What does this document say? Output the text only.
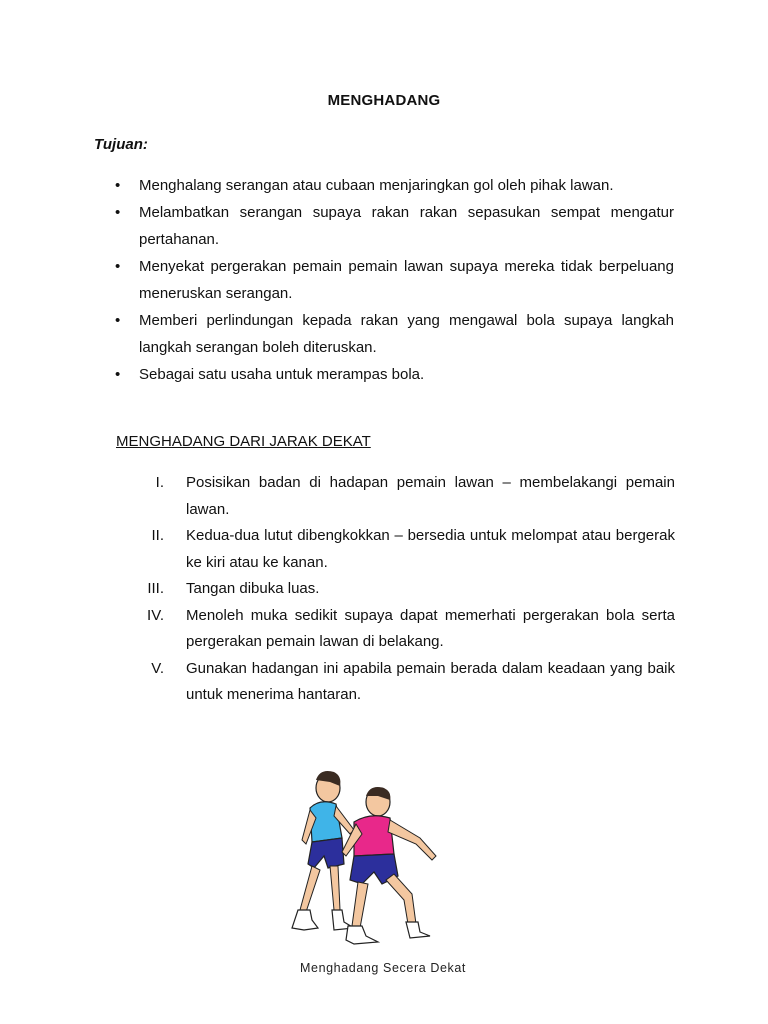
MENGHADANG
Tujuan:
• Menghalang serangan atau cubaan menjaringkan gol oleh pihak lawan.
• Melambatkan serangan supaya rakan rakan sepasukan sempat mengatur pertahanan.
• Menyekat pergerakan pemain pemain lawan supaya mereka tidak berpeluang meneruskan serangan.
• Memberi perlindungan kepada rakan yang mengawal bola supaya langkah langkah serangan boleh diteruskan.
• Sebagai satu usaha untuk merampas bola.
MENGHADANG DARI JARAK DEKAT
I. Posisikan badan di hadapan pemain lawan – membelakangi pemain lawan.
II. Kedua-dua lutut dibengkokkan – bersedia untuk melompat atau bergerak ke kiri atau ke kanan.
III. Tangan dibuka luas.
IV. Menoleh muka sedikit supaya dapat memerhati pergerakan bola serta pergerakan pemain lawan di belakang.
V. Gunakan hadangan ini apabila pemain berada dalam keadaan yang baik untuk menerima hantaran.
Menghadang Secera Dekat
